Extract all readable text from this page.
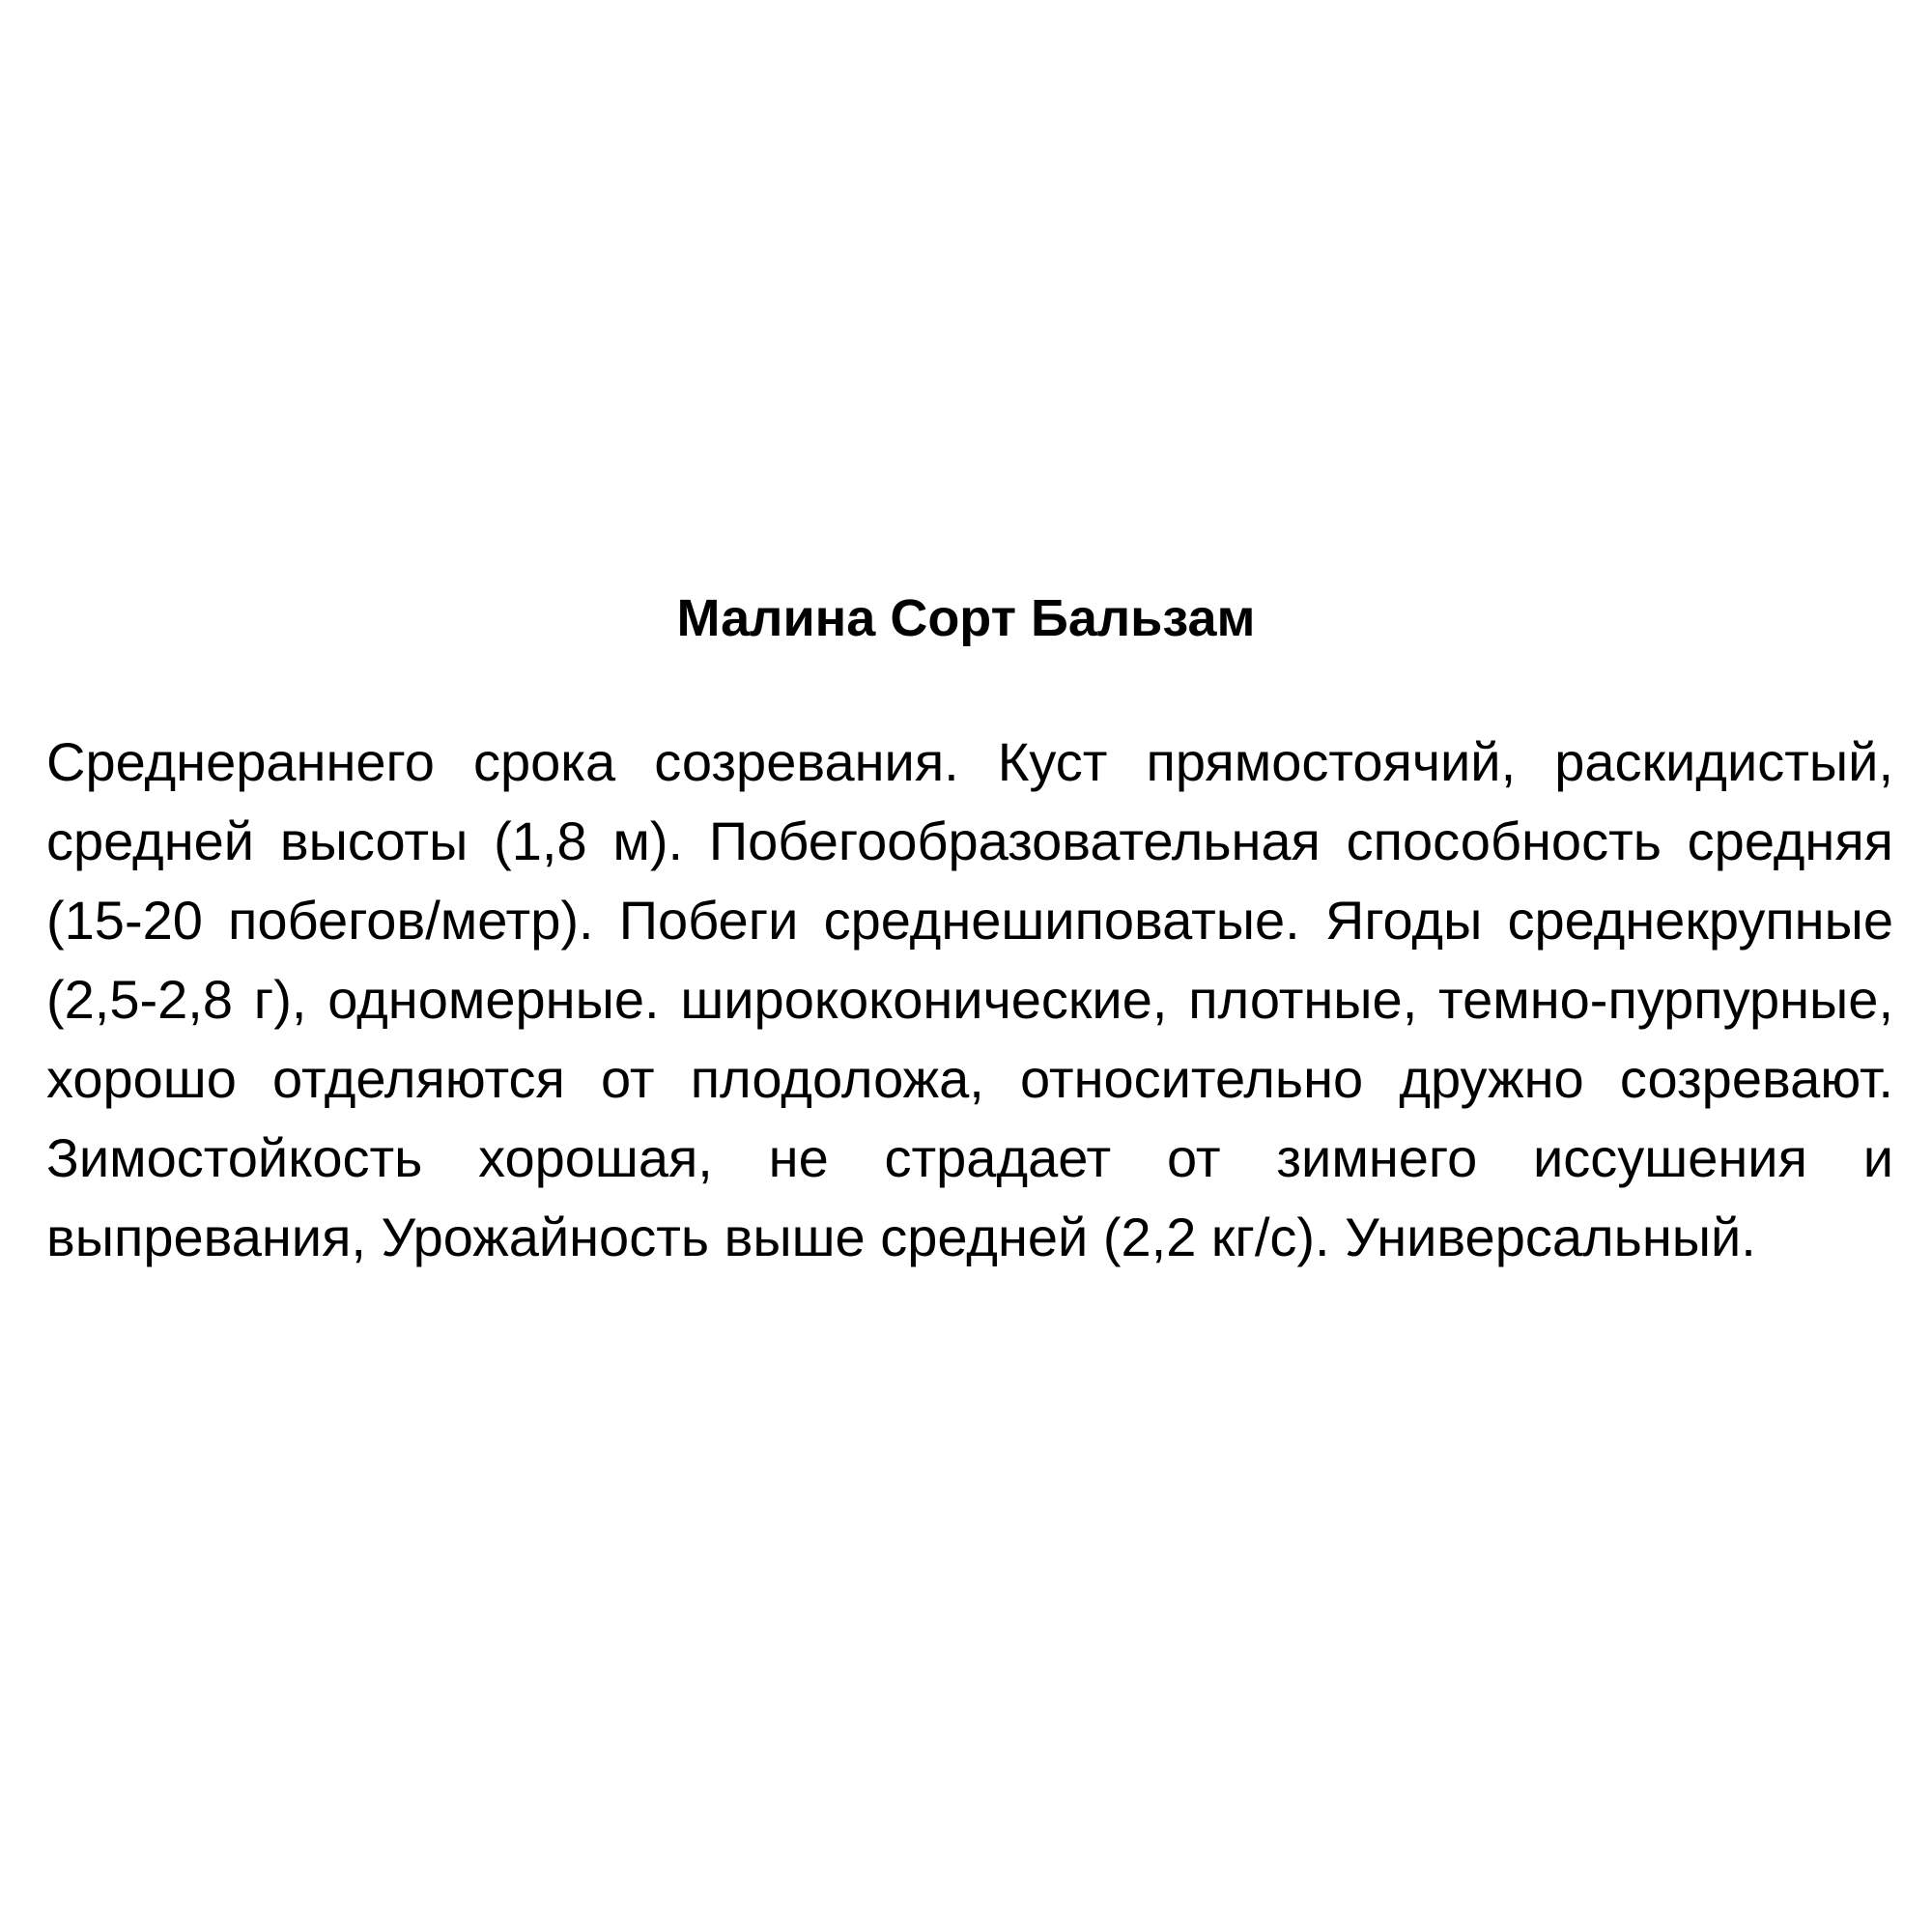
Малина Сорт Бальзам

Среднераннего срока созревания. Куст прямостоячий, раскидистый, средней высоты (1,8 м). Побегообразовательная способность средняя (15-20 побегов/метр). Побеги среднешиповатые. Ягоды среднекрупные (2,5-2,8 г), одномерные. ширококонические, плотные, темно-пурпурные, хорошо отделяются от плодоложа, относительно дружно созревают. Зимостойкость хорошая, не страдает от зимнего иссушения и выпревания, Урожайность выше средней (2,2 кг/с). Универсальный.
